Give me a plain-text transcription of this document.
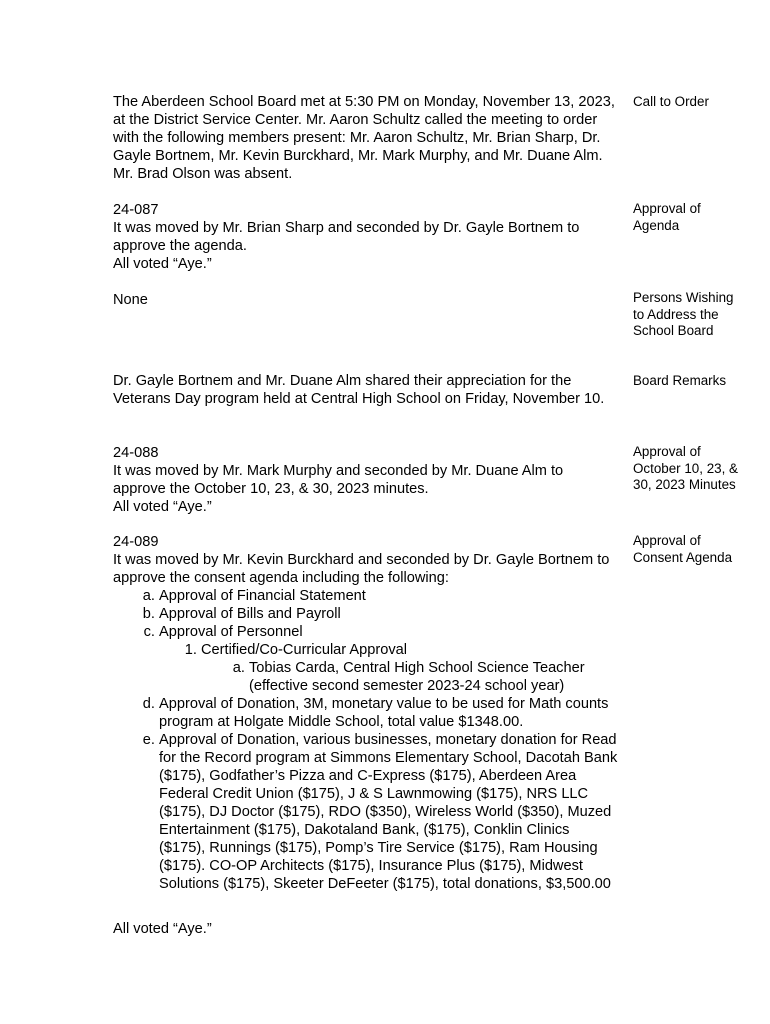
The Aberdeen School Board met at 5:30 PM on Monday, November 13, 2023, at the District Service Center. Mr. Aaron Schultz called the meeting to order with the following members present: Mr. Aaron Schultz, Mr. Brian Sharp, Dr. Gayle Bortnem, Mr. Kevin Burckhard, Mr. Mark Murphy, and Mr. Duane Alm. Mr. Brad Olson was absent.

Call to Order

24-087

It was moved by Mr. Brian Sharp and seconded by Dr. Gayle Bortnem to approve the agenda.

All voted “Aye.”

Approval of Agenda

None	Persons Wishing to Address the School Board

Dr. Gayle Bortnem and Mr. Duane Alm shared their appreciation for the Veterans Day program held at Central High School on Friday, November 10.

Board Remarks

24-088

It was moved by Mr. Mark Murphy and seconded by Mr. Duane Alm to approve the October 10, 23, & 30, 2023 minutes.

All voted “Aye.”

Approval of October 10, 23, & 30, 2023 Minutes

24-089

It was moved by Mr. Kevin Burckhard and seconded by Dr. Gayle Bortnem to approve the consent agenda including the following:

a. Approval of Financial Statement
b. Approval of Bills and Payroll
c. Approval of Personnel
1. Certified/Co-Curricular Approval
a. Tobias Carda, Central High School Science Teacher (effective second semester 2023-24 school year)
d. Approval of Donation, 3M, monetary value to be used for Math counts program at Holgate Middle School, total value $1348.00.
e. Approval of Donation, various businesses, monetary donation for Read for the Record program at Simmons Elementary School, Dacotah Bank ($175), Godfather’s Pizza and C-Express ($175), Aberdeen Area Federal Credit Union ($175), J & S Lawnmowing ($175), NRS LLC ($175), DJ Doctor ($175), RDO ($350), Wireless World ($350), Muzed Entertainment ($175), Dakotaland Bank, ($175), Conklin Clinics ($175), Runnings ($175), Pomp’s Tire Service ($175), Ram Housing ($175). CO-OP Architects ($175), Insurance Plus ($175), Midwest Solutions ($175), Skeeter DeFeeter ($175), total donations, $3,500.00
Approval of Consent Agenda

All voted “Aye.”
